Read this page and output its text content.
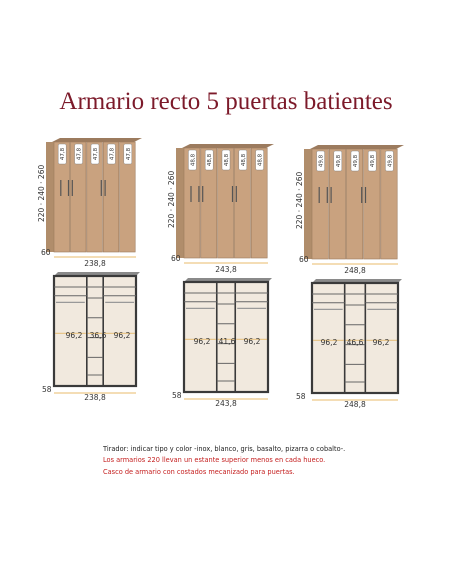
Armario recto 5 puertas batientes
47,8 47,8 47,8 47,8 47,8
220 · 240 · 260
60
238,8
48,8 48,8 48,8 48,8 48,8
220 · 240 · 260
60
243,8
49,8 49,8 49,8 49,8 49,8
220 · 240 · 260
60
248,8
58
238,8
96,2 36,6 96,2
58
243,8
96,2 41,6 96,2
58
248,8
96,2 46,6 96,2
Tirador: indicar tipo y color -inox, blanco, gris, basalto, pizarra o cobalto-.
Los armarios 220 llevan un estante superior menos en cada hueco.
Casco de armario con costados mecanizado para puertas.
